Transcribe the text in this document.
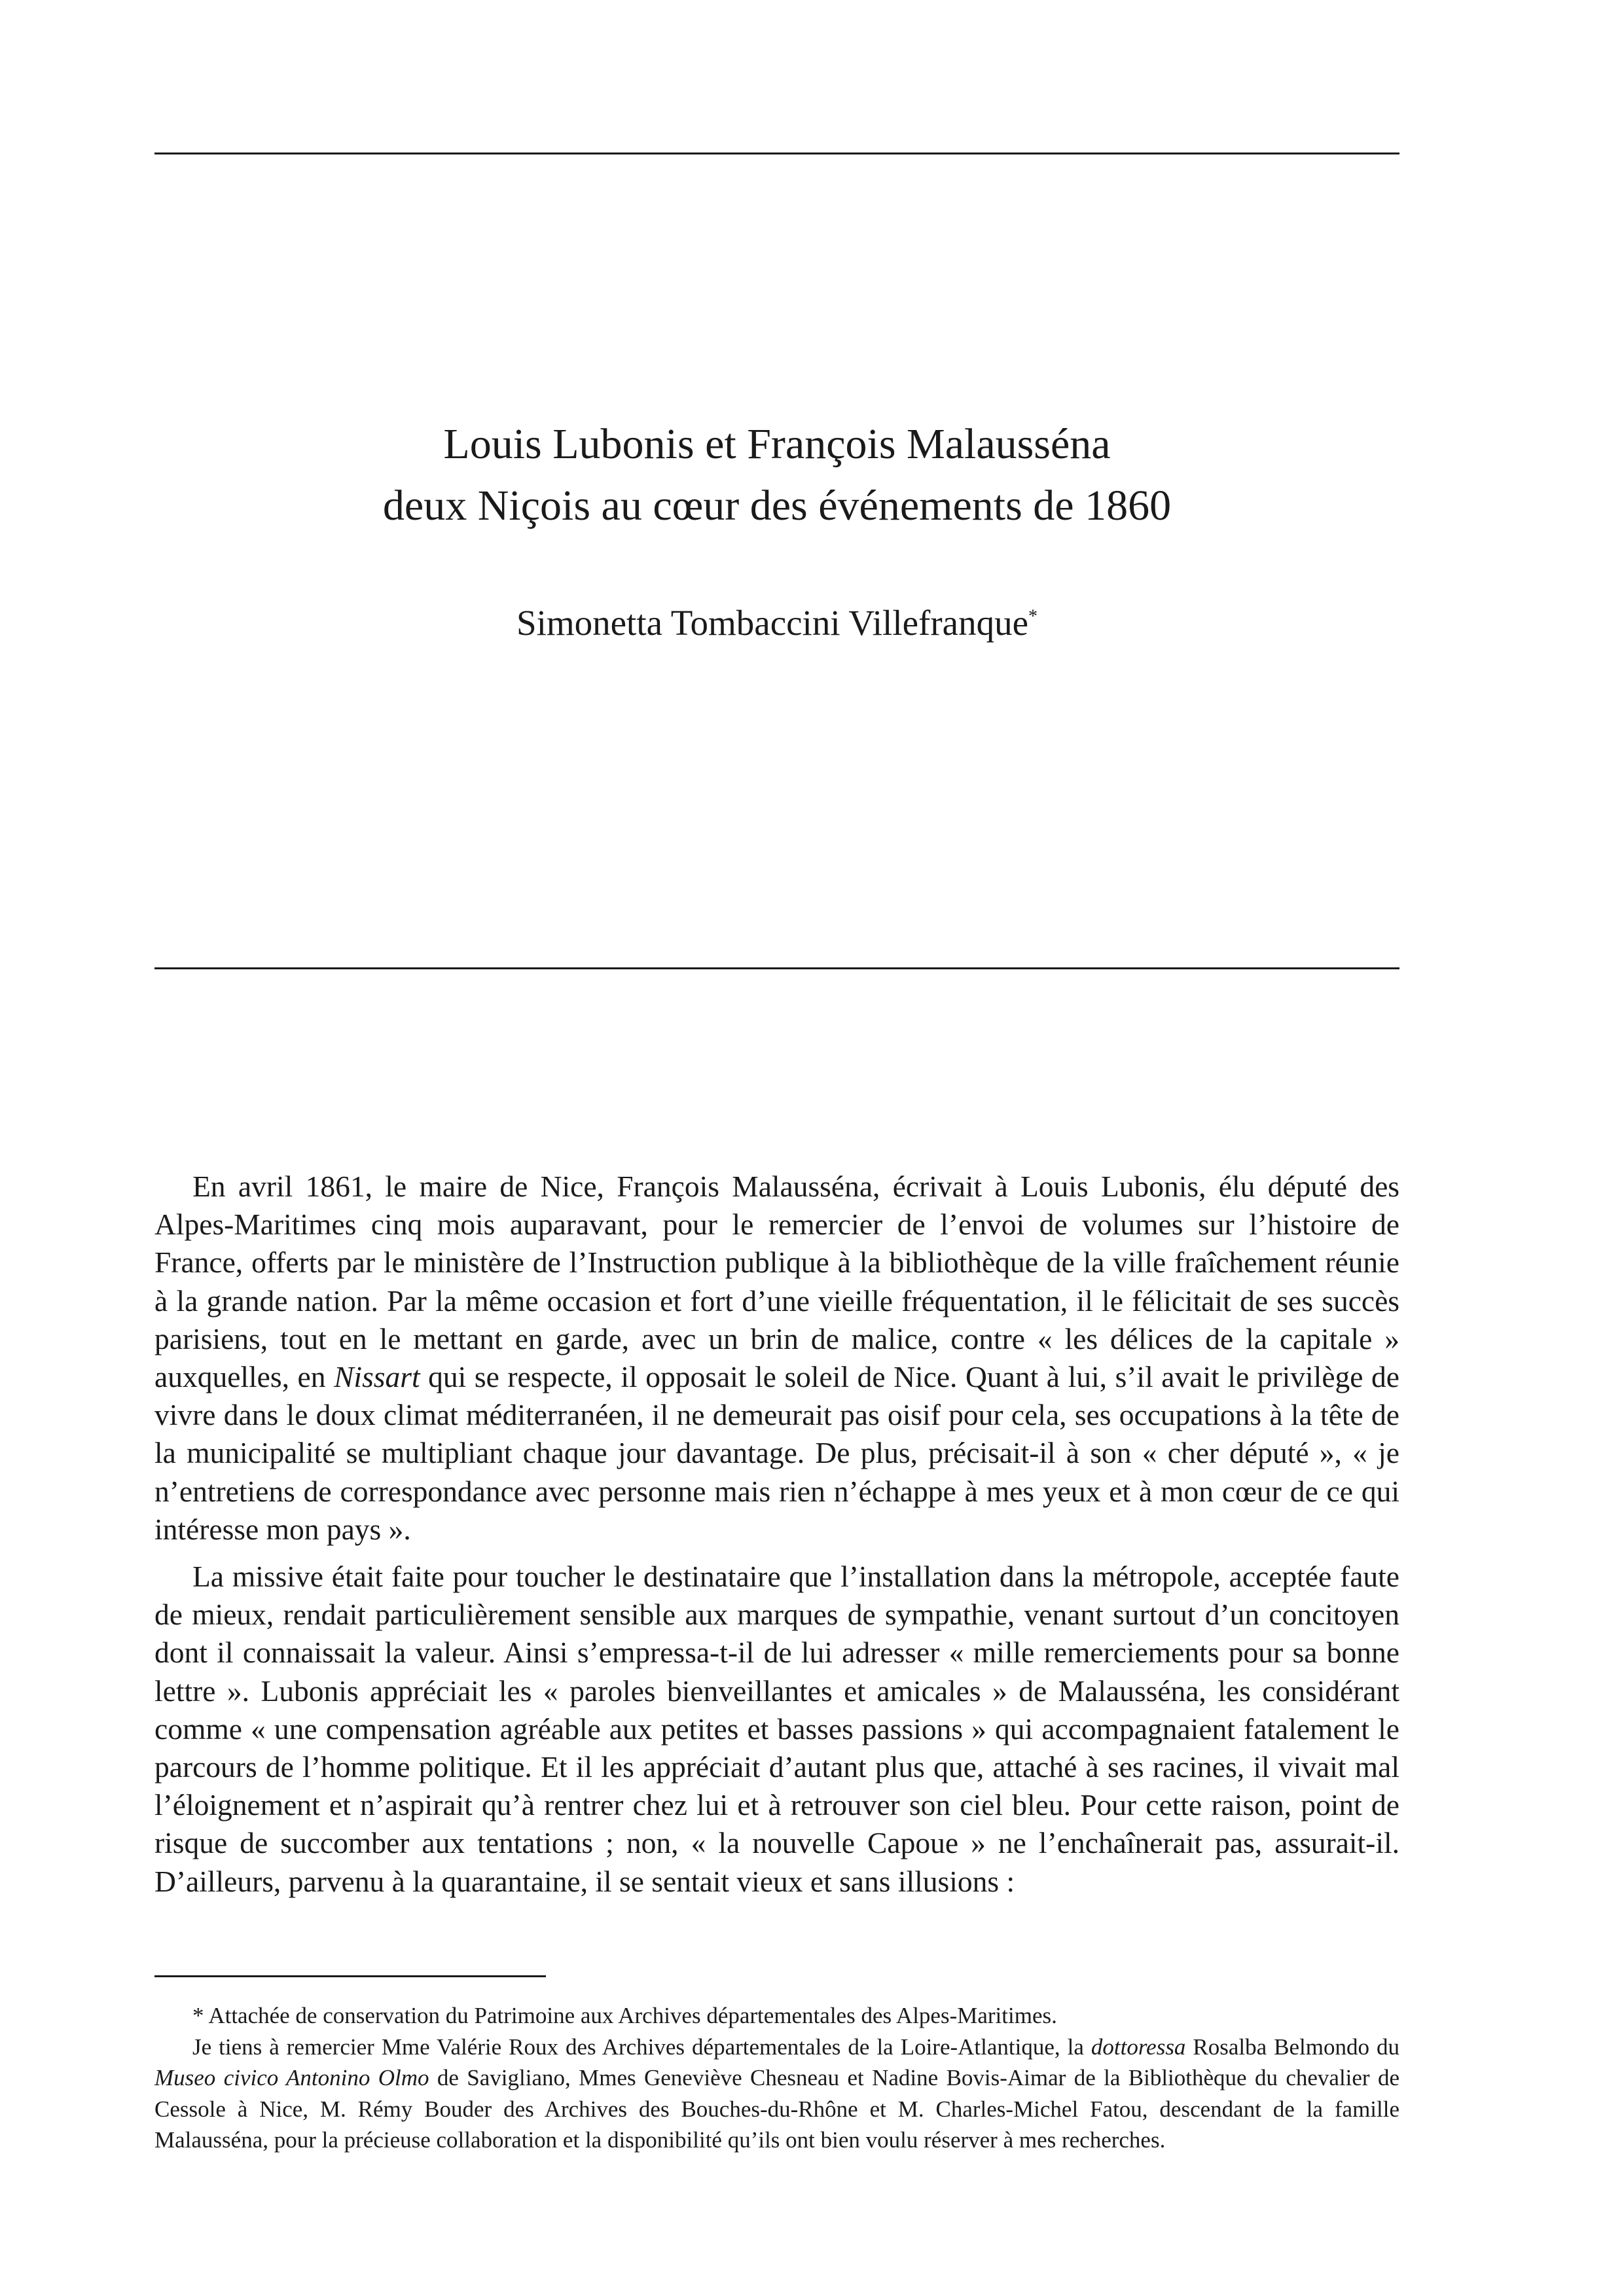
Louis Lubonis et François Malausséna
deux Niçois au cœur des événements de 1860
Simonetta Tombaccini Villefranque*

En avril 1861, le maire de Nice, François Malausséna, écrivait à Louis Lubonis, élu député des Alpes-Maritimes cinq mois auparavant, pour le remercier de l’envoi de volumes sur l’histoire de France, offerts par le ministère de l’Instruction publique à la bibliothèque de la ville fraîchement réunie à la grande nation. Par la même occasion et fort d’une vieille fréquentation, il le félicitait de ses succès parisiens, tout en le mettant en garde, avec un brin de malice, contre « les délices de la capitale » auxquelles, en Nissart qui se respecte, il opposait le soleil de Nice. Quant à lui, s’il avait le privilège de vivre dans le doux climat méditerranéen, il ne demeurait pas oisif pour cela, ses occupations à la tête de la municipalité se multipliant chaque jour davantage. De plus, précisait-il à son « cher député », « je n’entretiens de correspondance avec personne mais rien n’échappe à mes yeux et à mon cœur de ce qui intéresse mon pays ».

La missive était faite pour toucher le destinataire que l’installation dans la métropole, acceptée faute de mieux, rendait particulièrement sensible aux marques de sympathie, venant surtout d’un concitoyen dont il connaissait la valeur. Ainsi s’empressa-t-il de lui adresser « mille remerciements pour sa bonne lettre ». Lubonis appréciait les « paroles bienveillantes et amicales » de Malausséna, les considérant comme « une compensation agréable aux petites et basses passions » qui accompagnaient fatalement le parcours de l’homme politique. Et il les appréciait d’autant plus que, attaché à ses racines, il vivait mal l’éloignement et n’aspirait qu’à rentrer chez lui et à retrouver son ciel bleu. Pour cette raison, point de risque de succomber aux tentations ; non, « la nouvelle Capoue » ne l’enchaînerait pas, assurait-il. D’ailleurs, parvenu à la quarantaine, il se sentait vieux et sans illusions :

* Attachée de conservation du Patrimoine aux Archives départementales des Alpes-Maritimes.

Je tiens à remercier Mme Valérie Roux des Archives départementales de la Loire-Atlantique, la dottoressa Rosalba Belmondo du Museo civico Antonino Olmo de Savigliano, Mmes Geneviève Chesneau et Nadine Bovis-Aimar de la Bibliothèque du chevalier de Cessole à Nice, M. Rémy Bouder des Archives des Bouches-du-Rhône et M. Charles-Michel Fatou, descendant de la famille Malausséna, pour la précieuse collaboration et la disponibilité qu’ils ont bien voulu réserver à mes recherches.
